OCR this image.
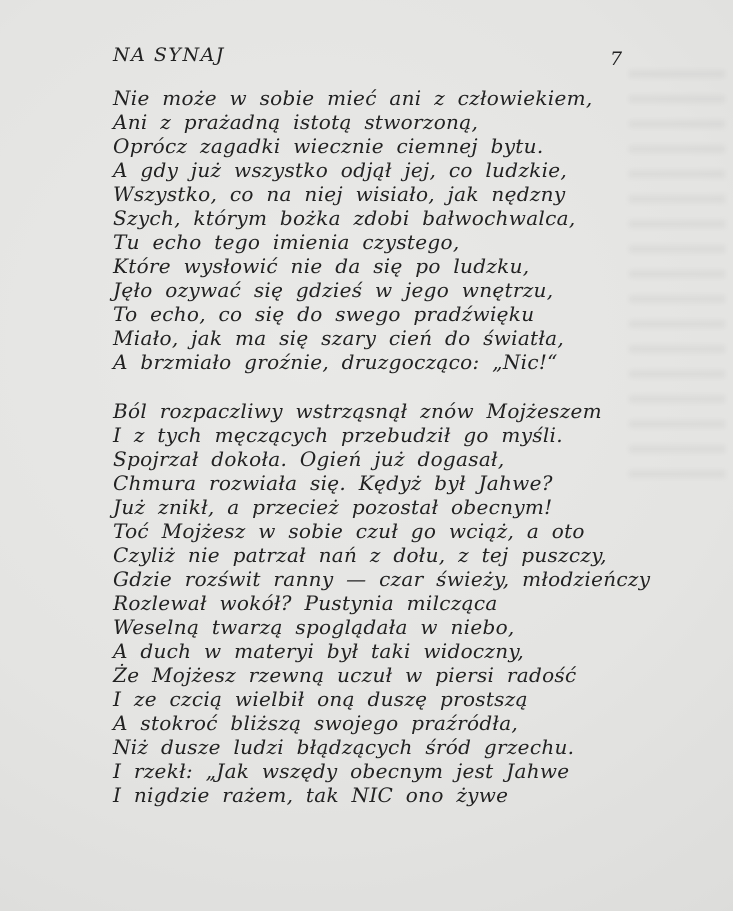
NA SYNAJ	7
Nie może w sobie mieć ani z człowiekiem,
Ani z prażadną istotą stworzoną,
Oprócz zagadki wiecznie ciemnej bytu.
A gdy już wszystko odjął jej, co ludzkie,
Wszystko, co na niej wisiało, jak nędzny
Szych, którym bożka zdobi bałwochwalca,
Tu echo tego imienia czystego,
Które wysłowić nie da się po ludzku,
Jęło ozywać się gdzieś w jego wnętrzu,
To echo, co się do swego pradźwięku
Miało, jak ma się szary cień do światła,
A brzmiało groźnie, druzgocząco: „Nic!“
Ból rozpaczliwy wstrząsnął znów Mojżeszem
I z tych męczących przebudził go myśli.
Spojrzał dokoła. Ogień już dogasał,
Chmura rozwiała się. Kędyż był Jahwe?
Już znikł, a przecież pozostał obecnym!
Toć Mojżesz w sobie czuł go wciąż, a oto
Czyliż nie patrzał nań z dołu, z tej puszczy,
Gdzie rozświt ranny — czar świeży, młodzieńczy
Rozlewał wokół? Pustynia milcząca
Weselną twarzą spoglądała w niebo,
A duch w materyi był taki widoczny,
Że Mojżesz rzewną uczuł w piersi radość
I ze czcią wielbił oną duszę prostszą
A stokroć bliższą swojego praźródła,
Niż dusze ludzi błądzących śród grzechu.
I rzekł: „Jak wszędy obecnym jest Jahwe
I nigdzie rażem, tak NIC ono żywe
